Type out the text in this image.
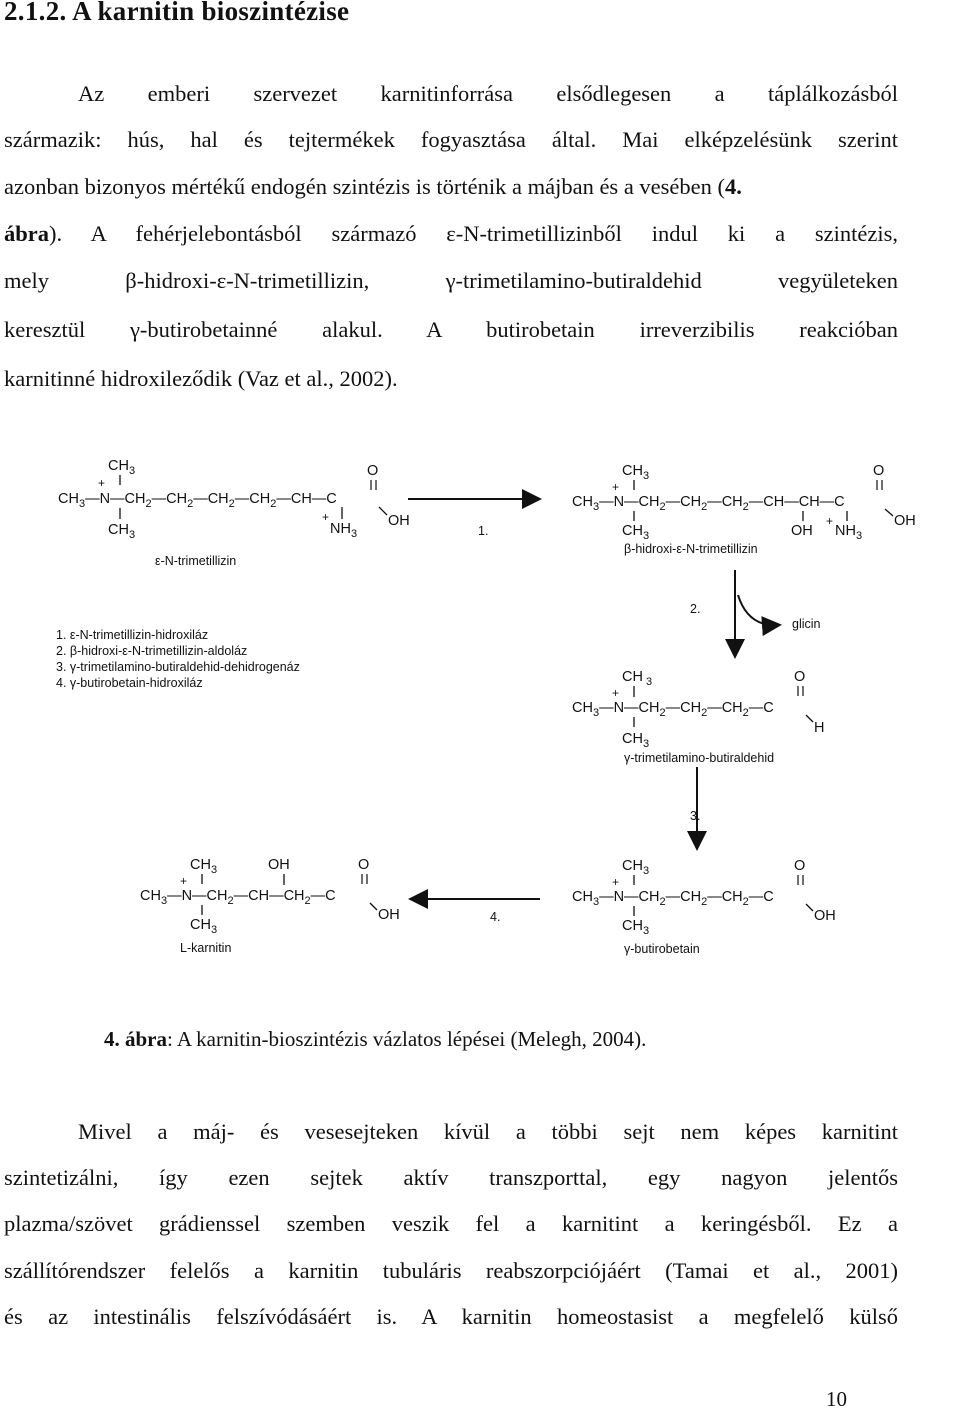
2.1.2. A karnitin bioszintézise
Az emberi szervezet karnitinforrása elsődlegesen a táplálkozásból
származik: hús, hal és tejtermékek fogyasztása által. Mai elképzelésünk szerint
azonban bizonyos mértékű endogén szintézis is történik a májban és a vesében (4.
ábra). A fehérjelebontásból származó ε-N-trimetillizinből indul ki a szintézis,
mely β-hidroxi-ε-N-trimetillizin, γ-trimetilamino-butiraldehid vegyületeken
keresztül γ-butirobetainné alakul. A butirobetain irreverzibilis reakcióban
karnitinné hidroxileződik (Vaz et al., 2002).
$CH_3$
+
$CH_3—N—CH_2—CH_2—CH_2—CH_2—CH—C$
$CH_3$
O
OH
+
$NH_3$
ε-N-trimetillizin
1.
$CH_3$
+
$CH_3—N—CH_2—CH_2—CH_2—CH—CH—C$
$CH_3$	OH
+
$NH_3$
O
OH
β-hidroxi-ε-N-trimetillizin
2.
glicin
1. ε-N-trimetillizin-hidroxiláz
2. β-hidroxi-ε-N-trimetillizin-aldoláz
3. γ-trimetilamino-butiraldehid-dehidrogenáz
4. γ-butirobetain-hidroxiláz	CH $_3$
+
$CH_3—N—CH_2—CH_2—CH_2—C$
$CH_3$
O
H
γ-trimetilamino-butiraldehid
3.
$CH_3$
+
$CH_3—N—CH_2—CH_2—CH_2—C$
$CH_3$
O
OH
γ-butirobetain
4.
$CH_3$
+
$CH_3—N—CH_2—CH—CH_2—C$
$CH_3$
OH	O
OH
L-karnitin
4. ábra: A karnitin-bioszintézis vázlatos lépései (Melegh, 2004).
Mivel a máj- és vesesejteken kívül a többi sejt nem képes karnitint
szintetizálni, így ezen sejtek aktív transzporttal, egy nagyon jelentős
plazma/szövet grádienssel szemben veszik fel a karnitint a keringésből. Ez a
szállítórendszer felelős a karnitin tubuláris reabszorpciójáért (Tamai et al., 2001)
és az intestinális felszívódásáért is. A karnitin homeostasist a megfelelő külső
10
